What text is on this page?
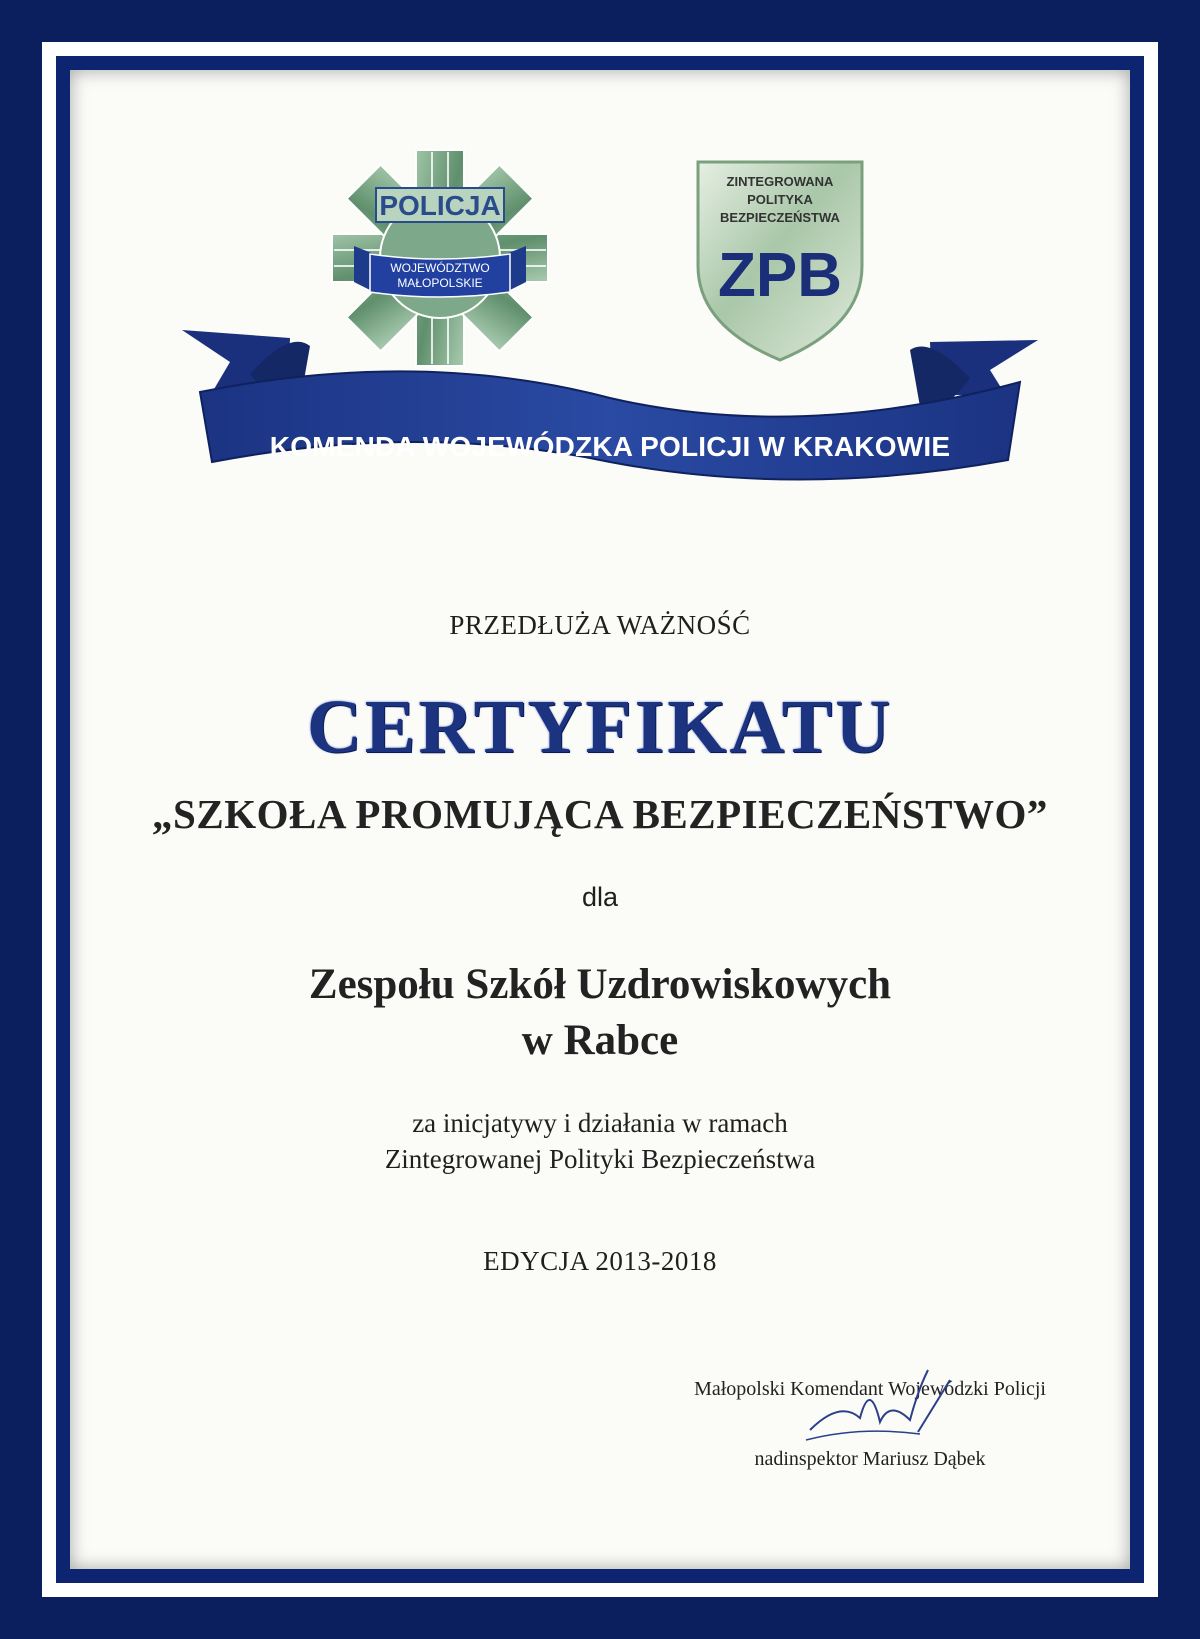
POLICJA
WOJEWÓDZTWO
MAŁOPOLSKIE
ZINTEGROWANA
POLITYKA
BEZPIECZEŃSTWA
ZPB
KOMENDA WOJEWÓDZKA POLICJI W KRAKOWIE
PRZEDŁUŻA WAŻNOŚĆ
CERTYFIKATU
„SZKOŁA PROMUJĄCA BEZPIECZEŃSTWO”
dla
Zespołu Szkół Uzdrowiskowych
w Rabce
za inicjatywy i działania w ramach
Zintegrowanej Polityki Bezpieczeństwa
EDYCJA 2013-2018
Małopolski Komendant Wojewódzki Policji
nadinspektor Mariusz Dąbek
